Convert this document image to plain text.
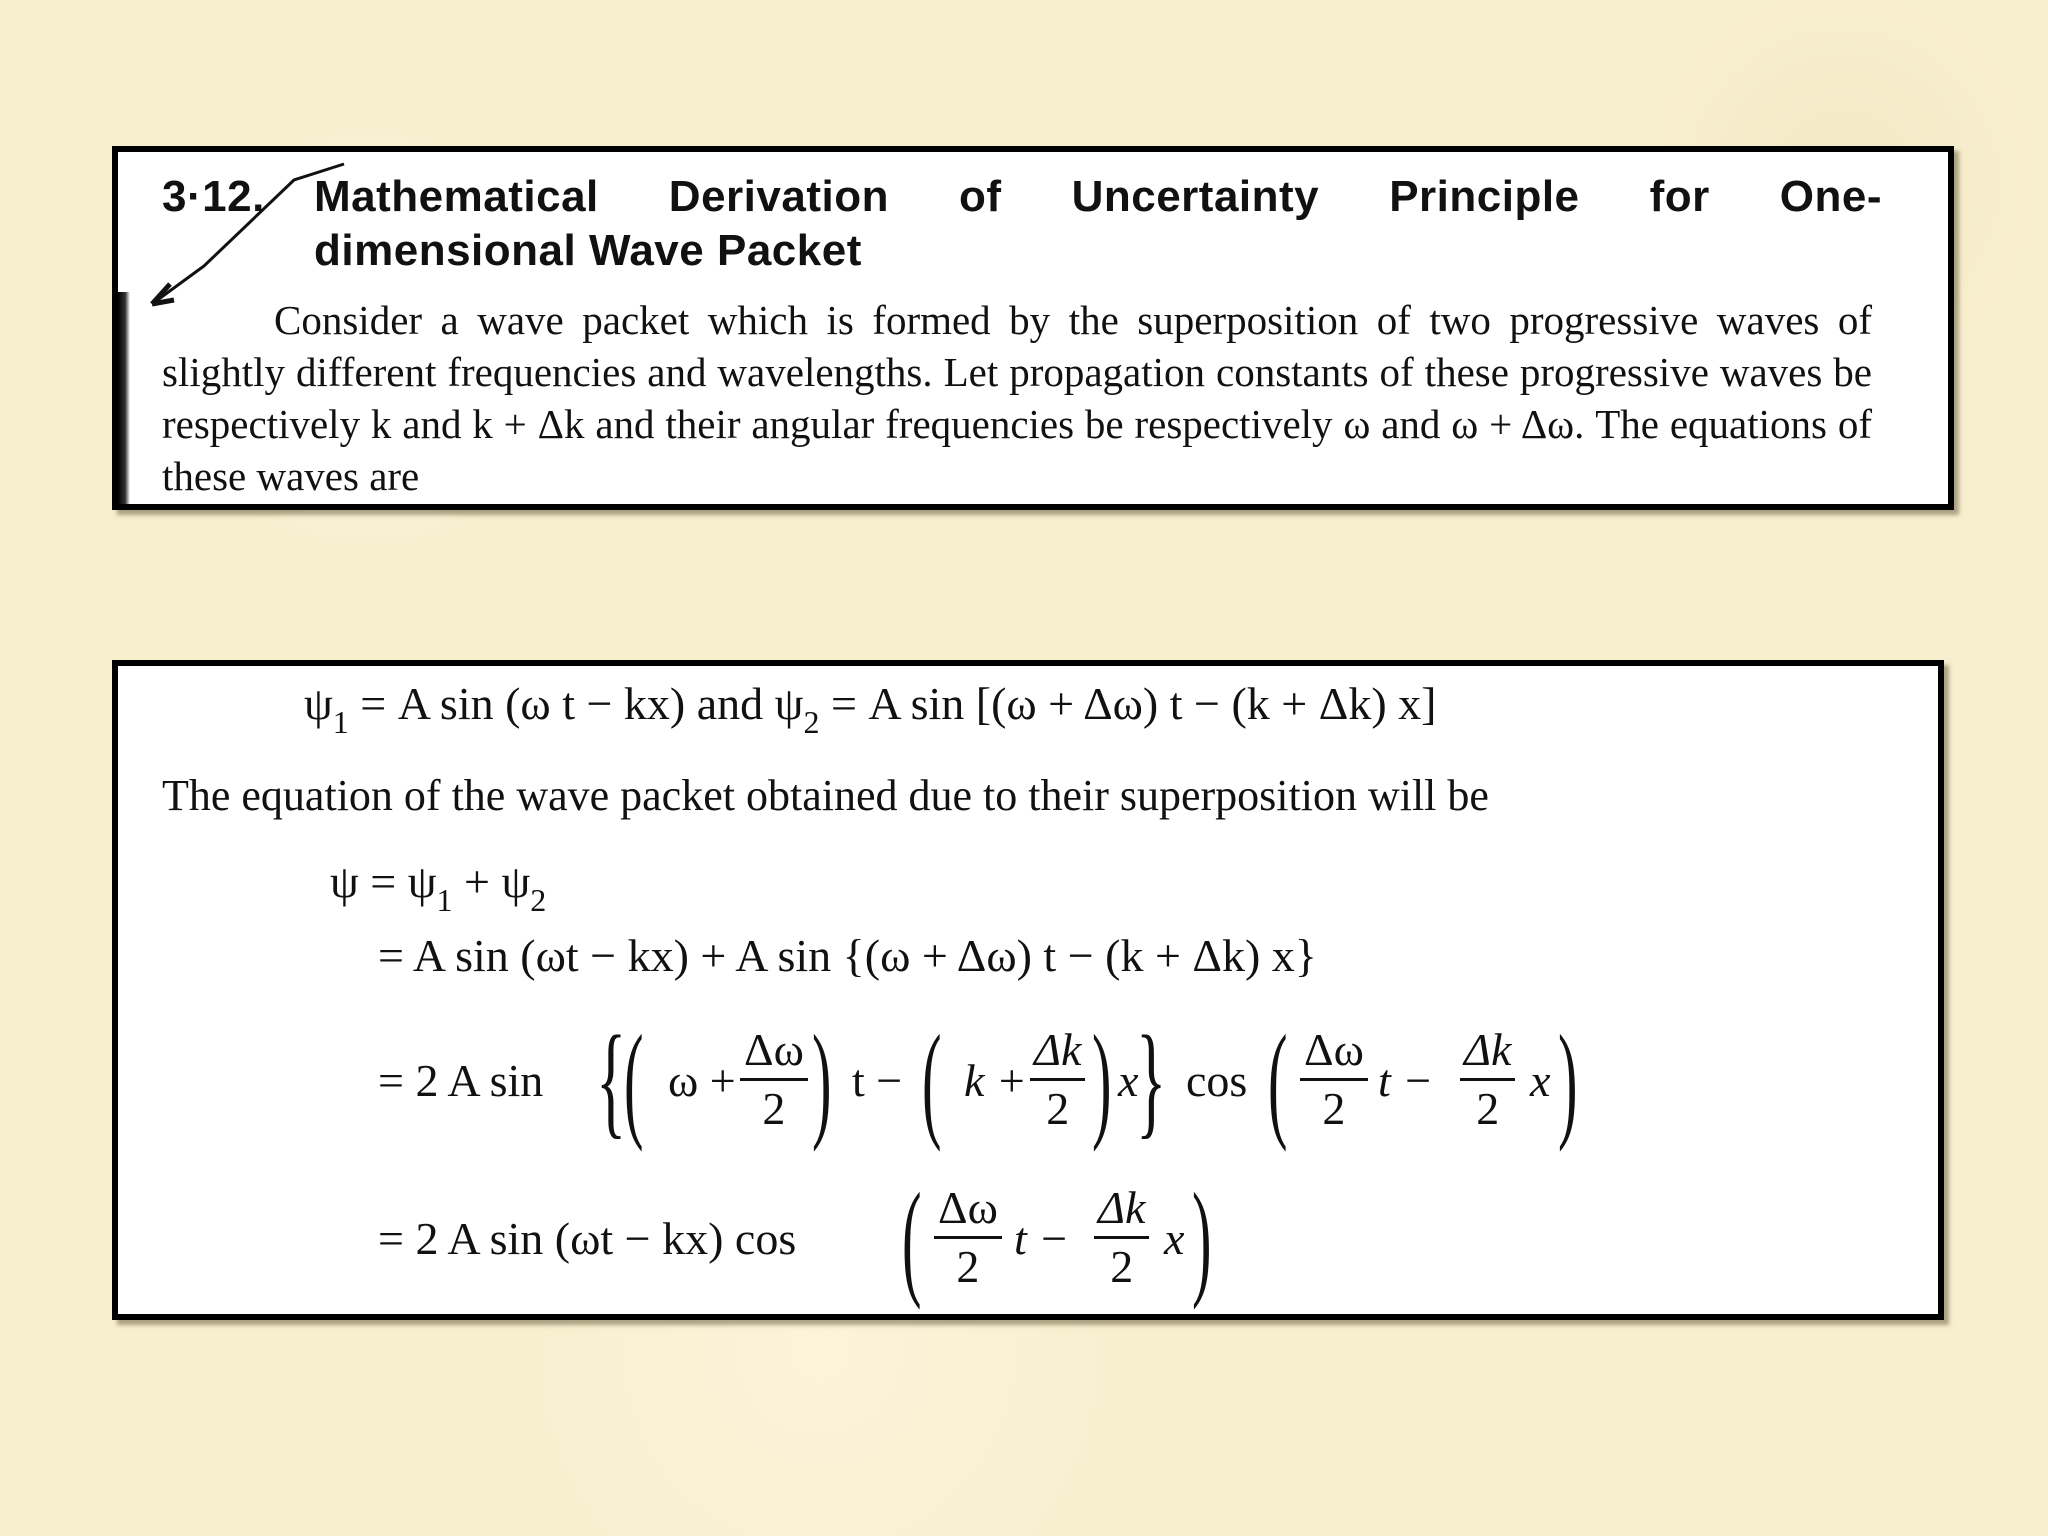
3·12. Mathematical Derivation of Uncertainty Principle for One-
dimensional Wave Packet
Consider a wave packet which is formed by the superposition of two progressive waves of slightly different frequencies and wavelengths. Let propagation constants of these progressive waves be respectively k and k + Δk and their angular frequencies be respectively ω and ω + Δω. The equations of these waves are
$\psi_1 = A$ sin (ω t − kx) and $\psi_2 = A$ sin [(ω + Δω) t − (k + Δk) x]
The equation of the wave packet obtained due to their superposition will be
$\psi = \psi_1 + \psi_2$
= A sin (ωt − kx) + A sin {(ω + Δω) t − (k + Δk) x}
= 2 A sin {
( $\omega + \frac{\Delta\omega}{2}$ ) t − ( $k + \frac{\Delta k}{2}$ ) x
} cos ( $\frac{\Delta\omega}{2}$ $t - \frac{\Delta k}{2}$ x )
= 2 A sin (ωt − kx) cos ( $\frac{\Delta\omega}{2}$ $t - \frac{\Delta k}{2}$ x )
